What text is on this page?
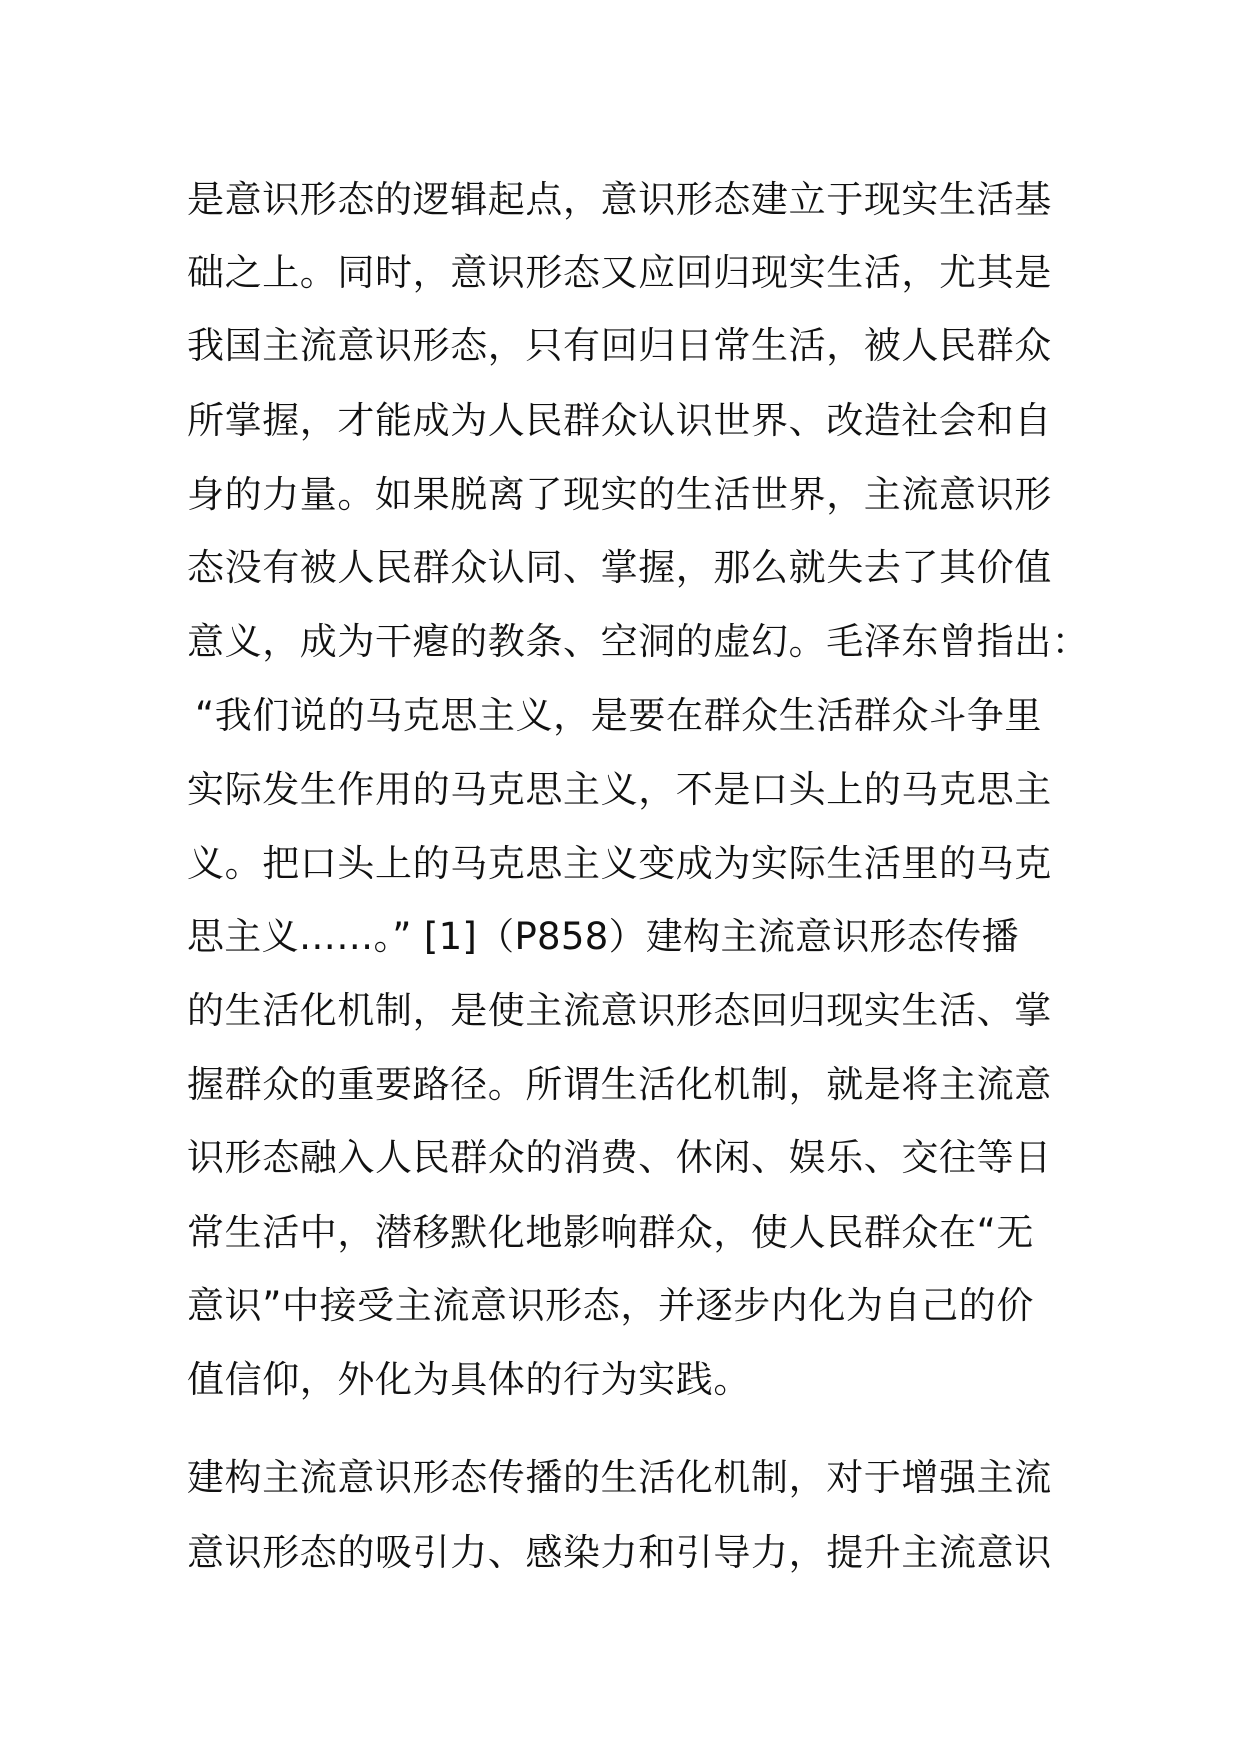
是意识形态的逻辑起点，意识形态建立于现实生活基

础之上。同时，意识形态又应回归现实生活，尤其是

我国主流意识形态，只有回归日常生活，被人民群众

所掌握，才能成为人民群众认识世界、改造社会和自

身的力量。如果脱离了现实的生活世界，主流意识形

态没有被人民群众认同、掌握，那么就失去了其价值

意义，成为干瘪的教条、空洞的虚幻。毛泽东曾指出：

“我们说的马克思主义，是要在群众生活群众斗争里

实际发生作用的马克思主义，不是口头上的马克思主

义。把口头上的马克思主义变成为实际生活里的马克

思主义……。” [1]（P858）建构主流意识形态传播

的生活化机制，是使主流意识形态回归现实生活、掌

握群众的重要路径。所谓生活化机制，就是将主流意

识形态融入人民群众的消费、休闲、娱乐、交往等日

常生活中，潜移默化地影响群众，使人民群众在“无

意识”中接受主流意识形态，并逐步内化为自己的价

值信仰，外化为具体的行为实践。

建构主流意识形态传播的生活化机制，对于增强主流

意识形态的吸引力、感染力和引导力，提升主流意识
